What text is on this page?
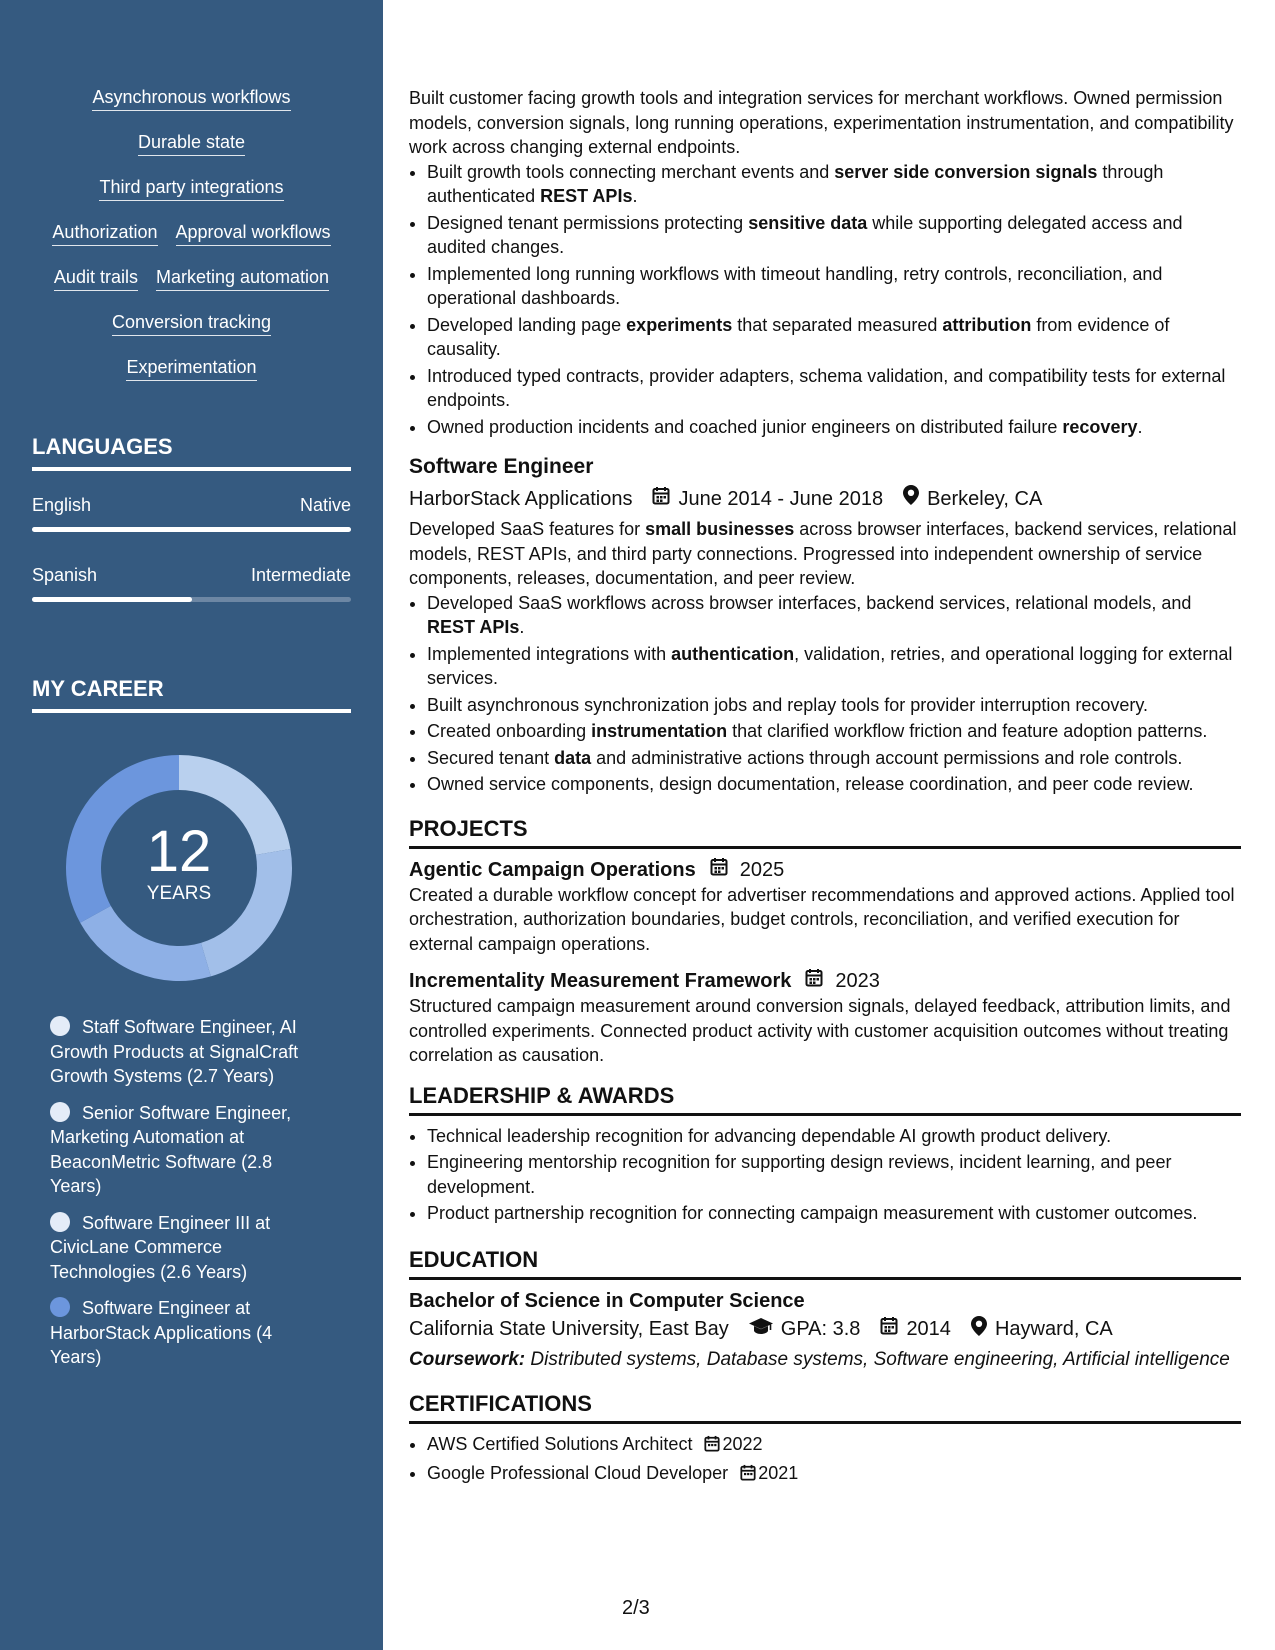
Asynchronous workflows
Durable state
Third party integrations
Authorization Approval workflows
Audit trails Marketing automation
Conversion tracking
Experimentation
LANGUAGES
English	Native
Spanish	Intermediate
MY CAREER
12
YEARS
Staff Software Engineer, AI Growth Products at SignalCraft Growth Systems (2.7 Years)
Senior Software Engineer, Marketing Automation at BeaconMetric Software (2.8 Years)
Software Engineer III at CivicLane Commerce Technologies (2.6 Years)
Software Engineer at HarborStack Applications (4 Years)

Built customer facing growth tools and integration services for merchant workflows. Owned permission models, conversion signals, long running operations, experimentation instrumentation, and compatibility work across changing external endpoints.

• Built growth tools connecting merchant events and server side conversion signals through authenticated REST APIs.
• Designed tenant permissions protecting sensitive data while supporting delegated access and audited changes.
• Implemented long running workflows with timeout handling, retry controls, reconciliation, and operational dashboards.
• Developed landing page experiments that separated measured attribution from evidence of causality.
• Introduced typed contracts, provider adapters, schema validation, and compatibility tests for external endpoints.
• Owned production incidents and coached junior engineers on distributed failure recovery.
Software Engineer
HarborStack Applications June 2014 - June 2018 Berkeley, CA

Developed SaaS features for small businesses across browser interfaces, backend services, relational models, REST APIs, and third party connections. Progressed into independent ownership of service components, releases, documentation, and peer review.

• Developed SaaS workflows across browser interfaces, backend services, relational models, and REST APIs.
• Implemented integrations with authentication, validation, retries, and operational logging for external services.
• Built asynchronous synchronization jobs and replay tools for provider interruption recovery.
• Created onboarding instrumentation that clarified workflow friction and feature adoption patterns.
• Secured tenant data and administrative actions through account permissions and role controls.
• Owned service components, design documentation, release coordination, and peer code review.
PROJECTS
Agentic Campaign Operations 2025

Created a durable workflow concept for advertiser recommendations and approved actions. Applied tool orchestration, authorization boundaries, budget controls, reconciliation, and verified execution for external campaign operations.

Incrementality Measurement Framework 2023

Structured campaign measurement around conversion signals, delayed feedback, attribution limits, and controlled experiments. Connected product activity with customer acquisition outcomes without treating correlation as causation.

LEADERSHIP & AWARDS
• Technical leadership recognition for advancing dependable AI growth product delivery.
• Engineering mentorship recognition for supporting design reviews, incident learning, and peer development.
• Product partnership recognition for connecting campaign measurement with customer outcomes.
EDUCATION
Bachelor of Science in Computer Science
California State University, East Bay	GPA: 3.8 2014 Hayward, CA
Coursework: Distributed systems, Database systems, Software engineering, Artificial intelligence
CERTIFICATIONS
• AWS Certified Solutions Architect 2022
• Google Professional Cloud Developer 2021
2/3
